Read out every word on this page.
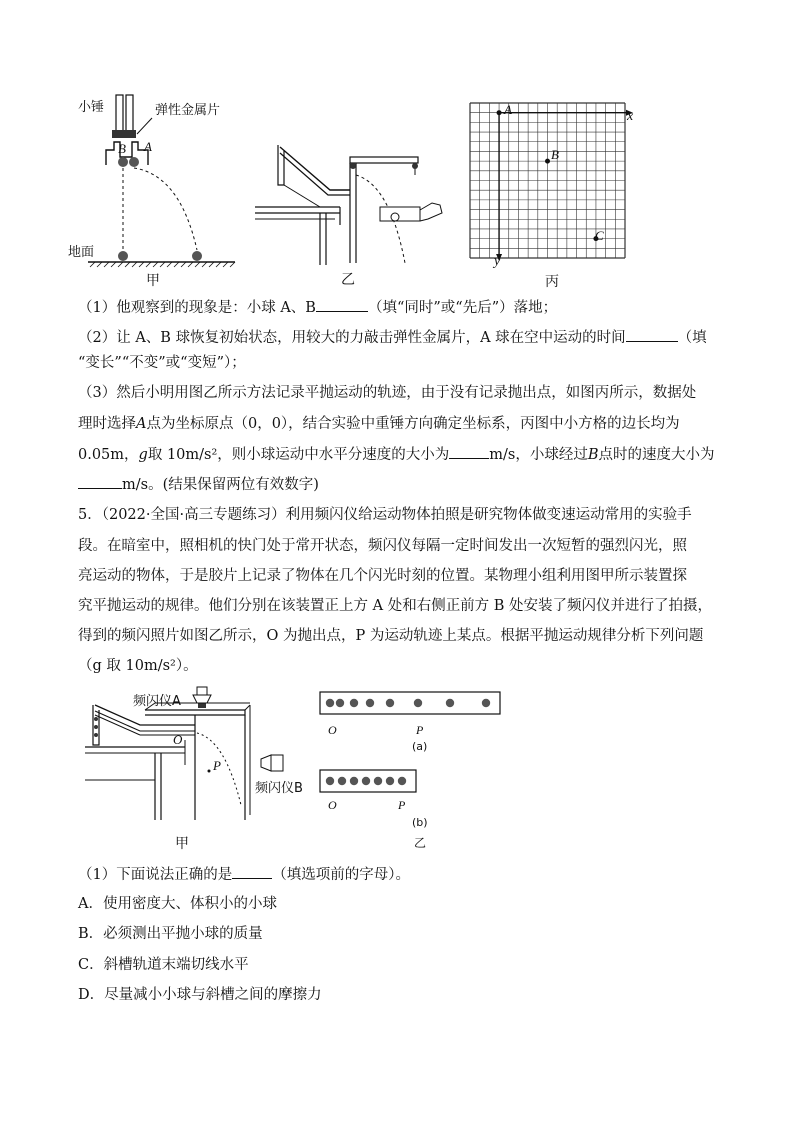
小锤	弹性金属片
B A
地面
甲	乙
A
B
C
x
y
丙
（1）他观察到的现象是：小球 A、B	（填“同时”或“先后”）落地；
（2）让 A、B 球恢复初始状态，用较大的力敲击弹性金属片，A 球在空中运动的时间	（填
“变长”“不变”或“变短”）；
（3）然后小明用图乙所示方法记录平抛运动的轨迹，由于没有记录抛出点，如图丙所示，数据处
理时选择A点为坐标原点（0，0），结合实验中重锤方向确定坐标系，丙图中小方格的边长均为
0.05m，g取 10m/s²，则小球运动中水平分速度的大小为	m/s，小球经过B点时的速度大小为
m/s。(结果保留两位有效数字)
5．（2022·全国·高三专题练习）利用频闪仪给运动物体拍照是研究物体做变速运动常用的实验手
段。在暗室中，照相机的快门处于常开状态，频闪仪每隔一定时间发出一次短暂的强烈闪光，照
亮运动的物体，于是胶片上记录了物体在几个闪光时刻的位置。某物理小组利用图甲所示装置探
究平抛运动的规律。他们分别在该装置正上方 A 处和右侧正前方 B 处安装了频闪仪并进行了拍摄，
得到的频闪照片如图乙所示，O 为抛出点，P 为运动轨迹上某点。根据平抛运动规律分析下列问题
（g 取 10m/s²）。
频闪仪A
O
P
频闪仪B
甲
O	P
(a)
O	P
(b)
乙
（1）下面说法正确的是	（填选项前的字母）。
A．使用密度大、体积小的小球
B．必须测出平抛小球的质量
C．斜槽轨道末端切线水平
D．尽量减小小球与斜槽之间的摩擦力
